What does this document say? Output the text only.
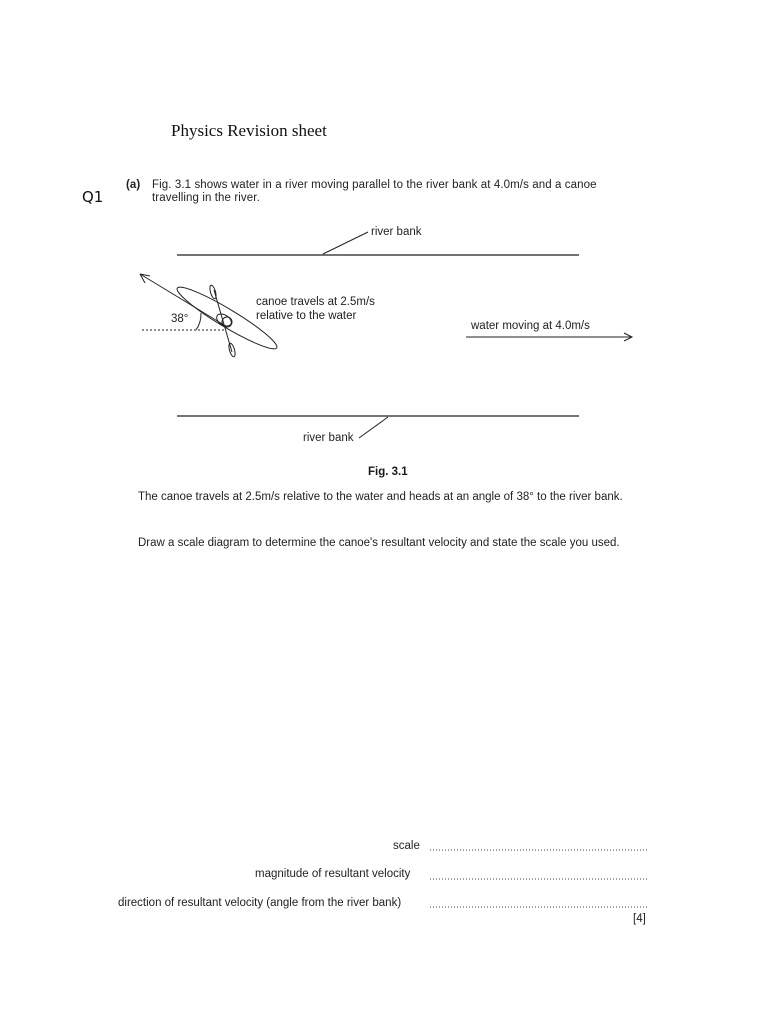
Physics Revision sheet
Q1
(a) Fig. 3.1 shows water in a river moving parallel to the river bank at 4.0m/s and a canoe
travelling in the river.
river bank
river bank
canoe travels at 2.5m/s
relative to the water
38°
water moving at 4.0m/s
Fig. 3.1
The canoe travels at 2.5m/s relative to the water and heads at an angle of 38° to the river bank.
Draw a scale diagram to determine the canoe's resultant velocity and state the scale you used.
scale
magnitude of resultant velocity
direction of resultant velocity (angle from the river bank)
[4]
